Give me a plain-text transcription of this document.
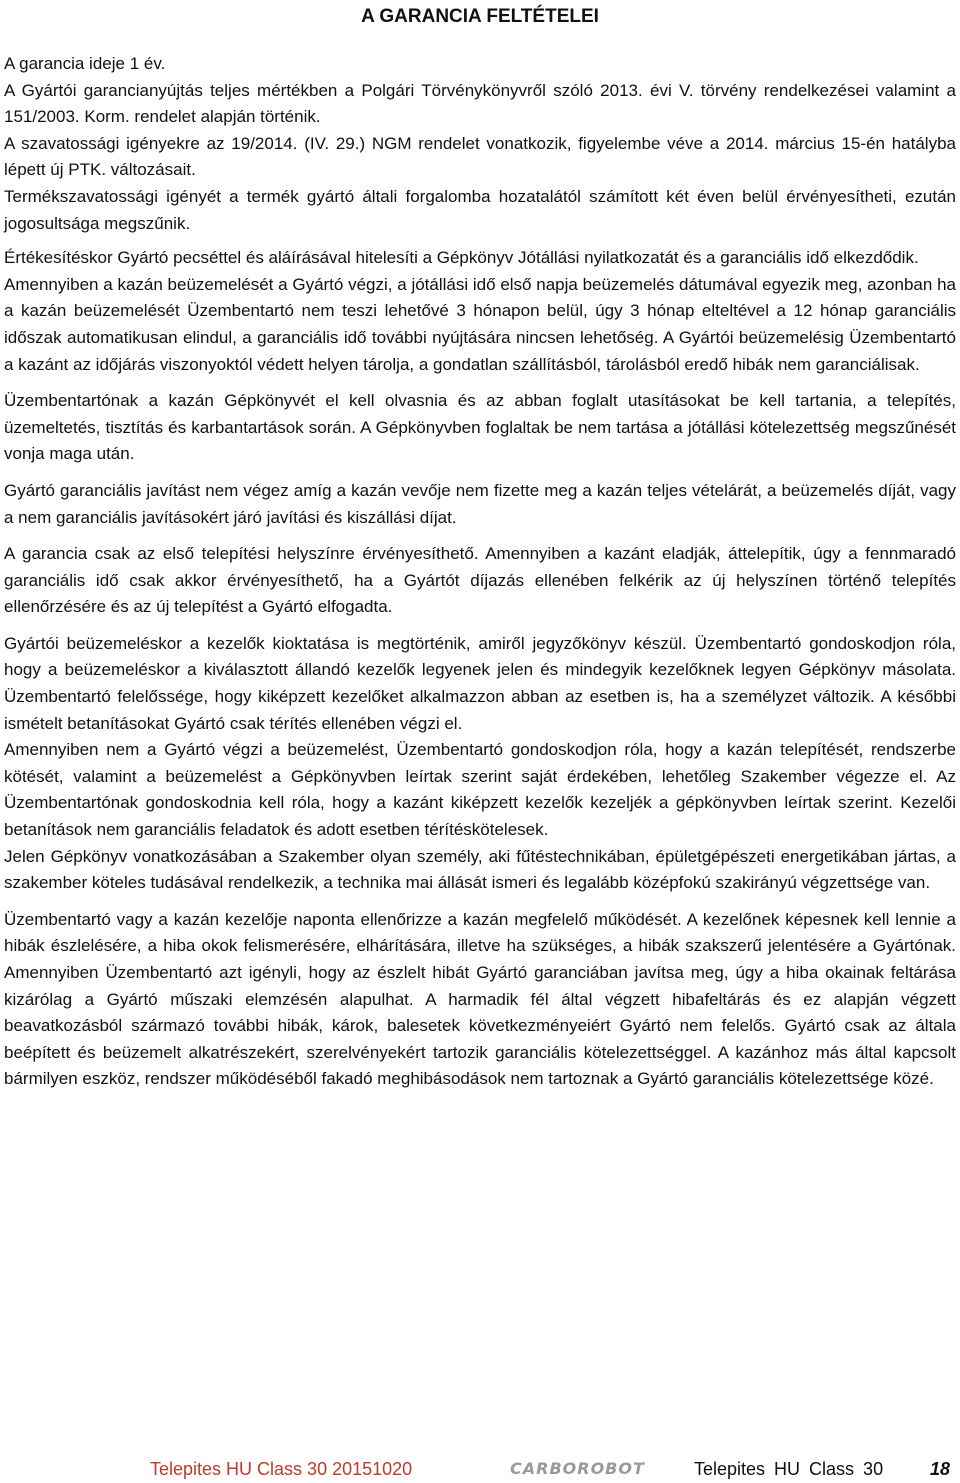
A GARANCIA FELTÉTELEI

A garancia ideje 1 év.

A Gyártói garancianyújtás teljes mértékben a Polgári Törvénykönyvről szóló 2013. évi V. törvény rendelkezései valamint a 151/2003. Korm. rendelet alapján történik.

A szavatossági igényekre az 19/2014. (IV. 29.) NGM rendelet vonatkozik, figyelembe véve a 2014. március 15-én hatályba lépett új PTK. változásait.

Termékszavatossági igényét a termék gyártó általi forgalomba hozatalától számított két éven belül érvényesítheti, ezután jogosultsága megszűnik.

Értékesítéskor Gyártó pecséttel és aláírásával hitelesíti a Gépkönyv Jótállási nyilatkozatát és a garanciális idő elkezdődik.

Amennyiben a kazán beüzemelését a Gyártó végzi, a jótállási idő első napja beüzemelés dátumával egyezik meg, azonban ha a kazán beüzemelését Üzembentartó nem teszi lehetővé 3 hónapon belül, úgy 3 hónap elteltével a 12 hónap garanciális időszak automatikusan elindul, a garanciális idő további nyújtására nincsen lehetőség. A Gyártói beüzemelésig Üzembentartó a kazánt az időjárás viszonyoktól védett helyen tárolja, a gondatlan szállításból, tárolásból eredő hibák nem garanciálisak.

Üzembentartónak a kazán Gépkönyvét el kell olvasnia és az abban foglalt utasításokat be kell tartania, a telepítés, üzemeltetés, tisztítás és karbantartások során. A Gépkönyvben foglaltak be nem tartása a jótállási kötelezettség megszűnését vonja maga után.

Gyártó garanciális javítást nem végez amíg a kazán vevője nem fizette meg a kazán teljes vételárát, a beüzemelés díját, vagy a nem garanciális javításokért járó javítási és kiszállási díjat.

A garancia csak az első telepítési helyszínre érvényesíthető. Amennyiben a kazánt eladják, áttelepítik, úgy a fennmaradó garanciális idő csak akkor érvényesíthető, ha a Gyártót díjazás ellenében felkérik az új helyszínen történő telepítés ellenőrzésére és az új telepítést a Gyártó elfogadta.

Gyártói beüzemeléskor a kezelők kioktatása is megtörténik, amiről jegyzőkönyv készül. Üzembentartó gondoskodjon róla, hogy a beüzemeléskor a kiválasztott állandó kezelők legyenek jelen és mindegyik kezelőknek legyen Gépkönyv másolata. Üzembentartó felelőssége, hogy kiképzett kezelőket alkalmazzon abban az esetben is, ha a személyzet változik. A későbbi ismételt betanításokat Gyártó csak térítés ellenében végzi el.

Amennyiben nem a Gyártó végzi a beüzemelést, Üzembentartó gondoskodjon róla, hogy a kazán telepítését, rendszerbe kötését, valamint a beüzemelést a Gépkönyvben leírtak szerint saját érdekében, lehetőleg Szakember végezze el. Az Üzembentartónak gondoskodnia kell róla, hogy a kazánt kiképzett kezelők kezeljék a gépkönyvben leírtak szerint. Kezelői betanítások nem garanciális feladatok és adott esetben térítéskötelesek.

Jelen Gépkönyv vonatkozásában a Szakember olyan személy, aki fűtéstechnikában, épületgépészeti energetikában jártas, a szakember köteles tudásával rendelkezik, a technika mai állását ismeri és legalább középfokú szakirányú végzettsége van.

Üzembentartó vagy a kazán kezelője naponta ellenőrizze a kazán megfelelő működését. A kezelőnek képesnek kell lennie a hibák észlelésére, a hiba okok felismerésére, elhárítására, illetve ha szükséges, a hibák szakszerű jelentésére a Gyártónak. Amennyiben Üzembentartó azt igényli, hogy az észlelt hibát Gyártó garanciában javítsa meg, úgy a hiba okainak feltárása kizárólag a Gyártó műszaki elemzésén alapulhat. A harmadik fél által végzett hibafeltárás és ez alapján végzett beavatkozásból származó további hibák, károk, balesetek következményeiért Gyártó nem felelős. Gyártó csak az általa beépített és beüzemelt alkatrészekért, szerelvényekért tartozik garanciális kötelezettséggel. A kazánhoz más által kapcsolt bármilyen eszköz, rendszer működéséből fakadó meghibásodások nem tartoznak a Gyártó garanciális kötelezettsége közé.

Telepites HU Class 30 20151020	CARBOROBOT	Telepites HU Class 30	18
